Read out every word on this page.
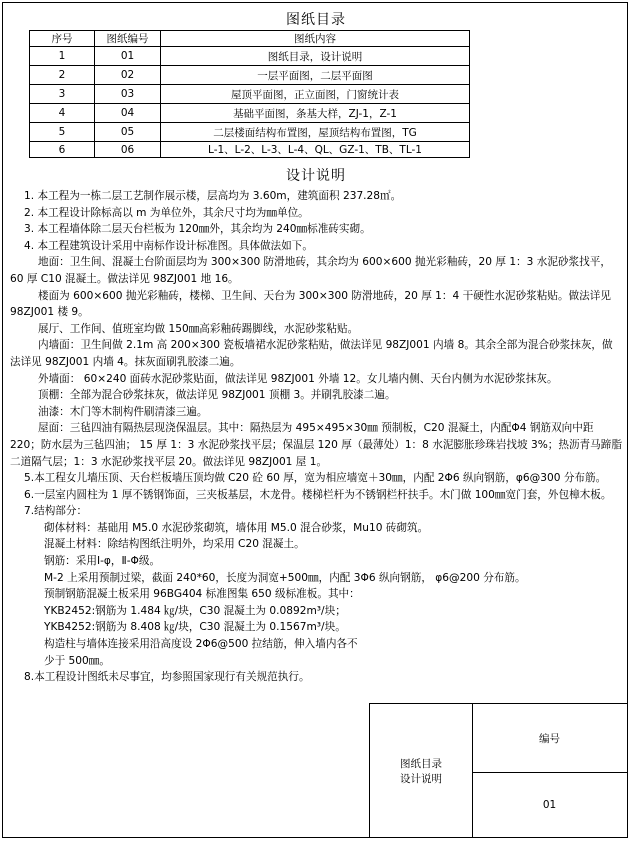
图纸目录
序号	图纸编号	图纸内容
1	01	图纸目录，设计说明
2	02	一层平面图，二层平面图
3	03	屋顶平面图，正立面图，门窗统计表
4	04	基础平面图，条基大样，ZJ-1，Z-1
5	05	二层楼面结构布置图，屋顶结构布置图，TG
6	06	L-1、L-2、L-3、L-4、QL、GZ-1、TB、TL-1
设计说明

1. 本工程为一栋二层工艺制作展示楼，层高均为 3.60m，建筑面积 237.28㎡。

2. 本工程设计除标高以 m 为单位外，其余尺寸均为㎜单位。

3. 本工程墙体除二层天台栏板为 120㎜外，其余均为 240㎜标准砖实砌。

4. 本工程建筑设计采用中南标作设计标准图。具体做法如下。

地面：卫生间、混凝土台阶面层均为 300×300 防滑地砖，其余均为 600×600 抛光彩釉砖，20 厚 1：3 水泥砂浆找平，60 厚 C10 混凝土。做法详见 98ZJ001 地 16。

楼面为 600×600 抛光彩釉砖，楼梯、卫生间、天台为 300×300 防滑地砖，20 厚 1：4 干硬性水泥砂浆粘贴。做法详见 98ZJ001 楼 9。

展厅、工作间、值班室均做 150㎜高彩釉砖踢脚线，水泥砂浆粘贴。

内墙面：卫生间做 2.1m 高 200×300 瓷板墙裙水泥砂浆粘贴，做法详见 98ZJ001 内墙 8。其余全部为混合砂浆抹灰，做法详见 98ZJ001 内墙 4。抹灰面刷乳胶漆二遍。

外墙面： 60×240 面砖水泥砂浆贴面，做法详见 98ZJ001 外墙 12。女儿墙内侧、天台内侧为水泥砂浆抹灰。

顶棚：全部为混合砂浆抹灰，做法详见 98ZJ001 顶棚 3。并刷乳胶漆二遍。

油漆：木门等木制构件刷清漆三遍。

屋面：三毡四油有隔热层现浇保温层。其中：隔热层为 495×495×30㎜ 预制板，C20 混凝土，内配Φ4 钢筋双向中距 220；防水层为三毡四油； 15 厚 1：3 水泥砂浆找平层；保温层 120 厚（最薄处）1：8 水泥膨胀珍珠岩找坡 3%；热沥青马蹄脂二道隔气层；1：3 水泥砂浆找平层 20。做法详见 98ZJ001 屋 1。

5.本工程女儿墙压顶、天台栏板墙压顶均做 C20 砼 60 厚，宽为相应墙宽＋30㎜，内配 2Φ6 纵向钢筋，φ6@300 分布筋。

6.一层室内圆柱为 1 厚不锈钢饰面，三夹板基层，木龙骨。楼梯栏杆为不锈钢栏杆扶手。木门做 100㎜宽门套，外包樟木板。

7.结构部分：

砌体材料：基础用 M5.0 水泥砂浆砌筑，墙体用 M5.0 混合砂浆，Mu10 砖砌筑。

混凝土材料：除结构图纸注明外，均采用 C20 混凝土。

钢筋：采用Ⅰ-φ，Ⅱ-Φ级。

M-2 上采用预制过梁，截面 240*60，长度为洞宽+500㎜，内配 3Φ6 纵向钢筋， φ6@200 分布筋。

预制钢筋混凝土板采用 96BG404 标准图集 650 级标准板。其中：

YKB2452:钢筋为 1.484 ㎏/块，C30 混凝土为 0.0892m³/块；

YKB4252:钢筋为 8.408 ㎏/块，C30 混凝土为 0.1567m³/块。

构造柱与墙体连接采用沿高度设 2Φ6@500 拉结筋，伸入墙内各不少于 500㎜。

8.本工程设计图纸未尽事宜，均参照国家现行有关规范执行。

图纸目录
设计说明
编号
01
